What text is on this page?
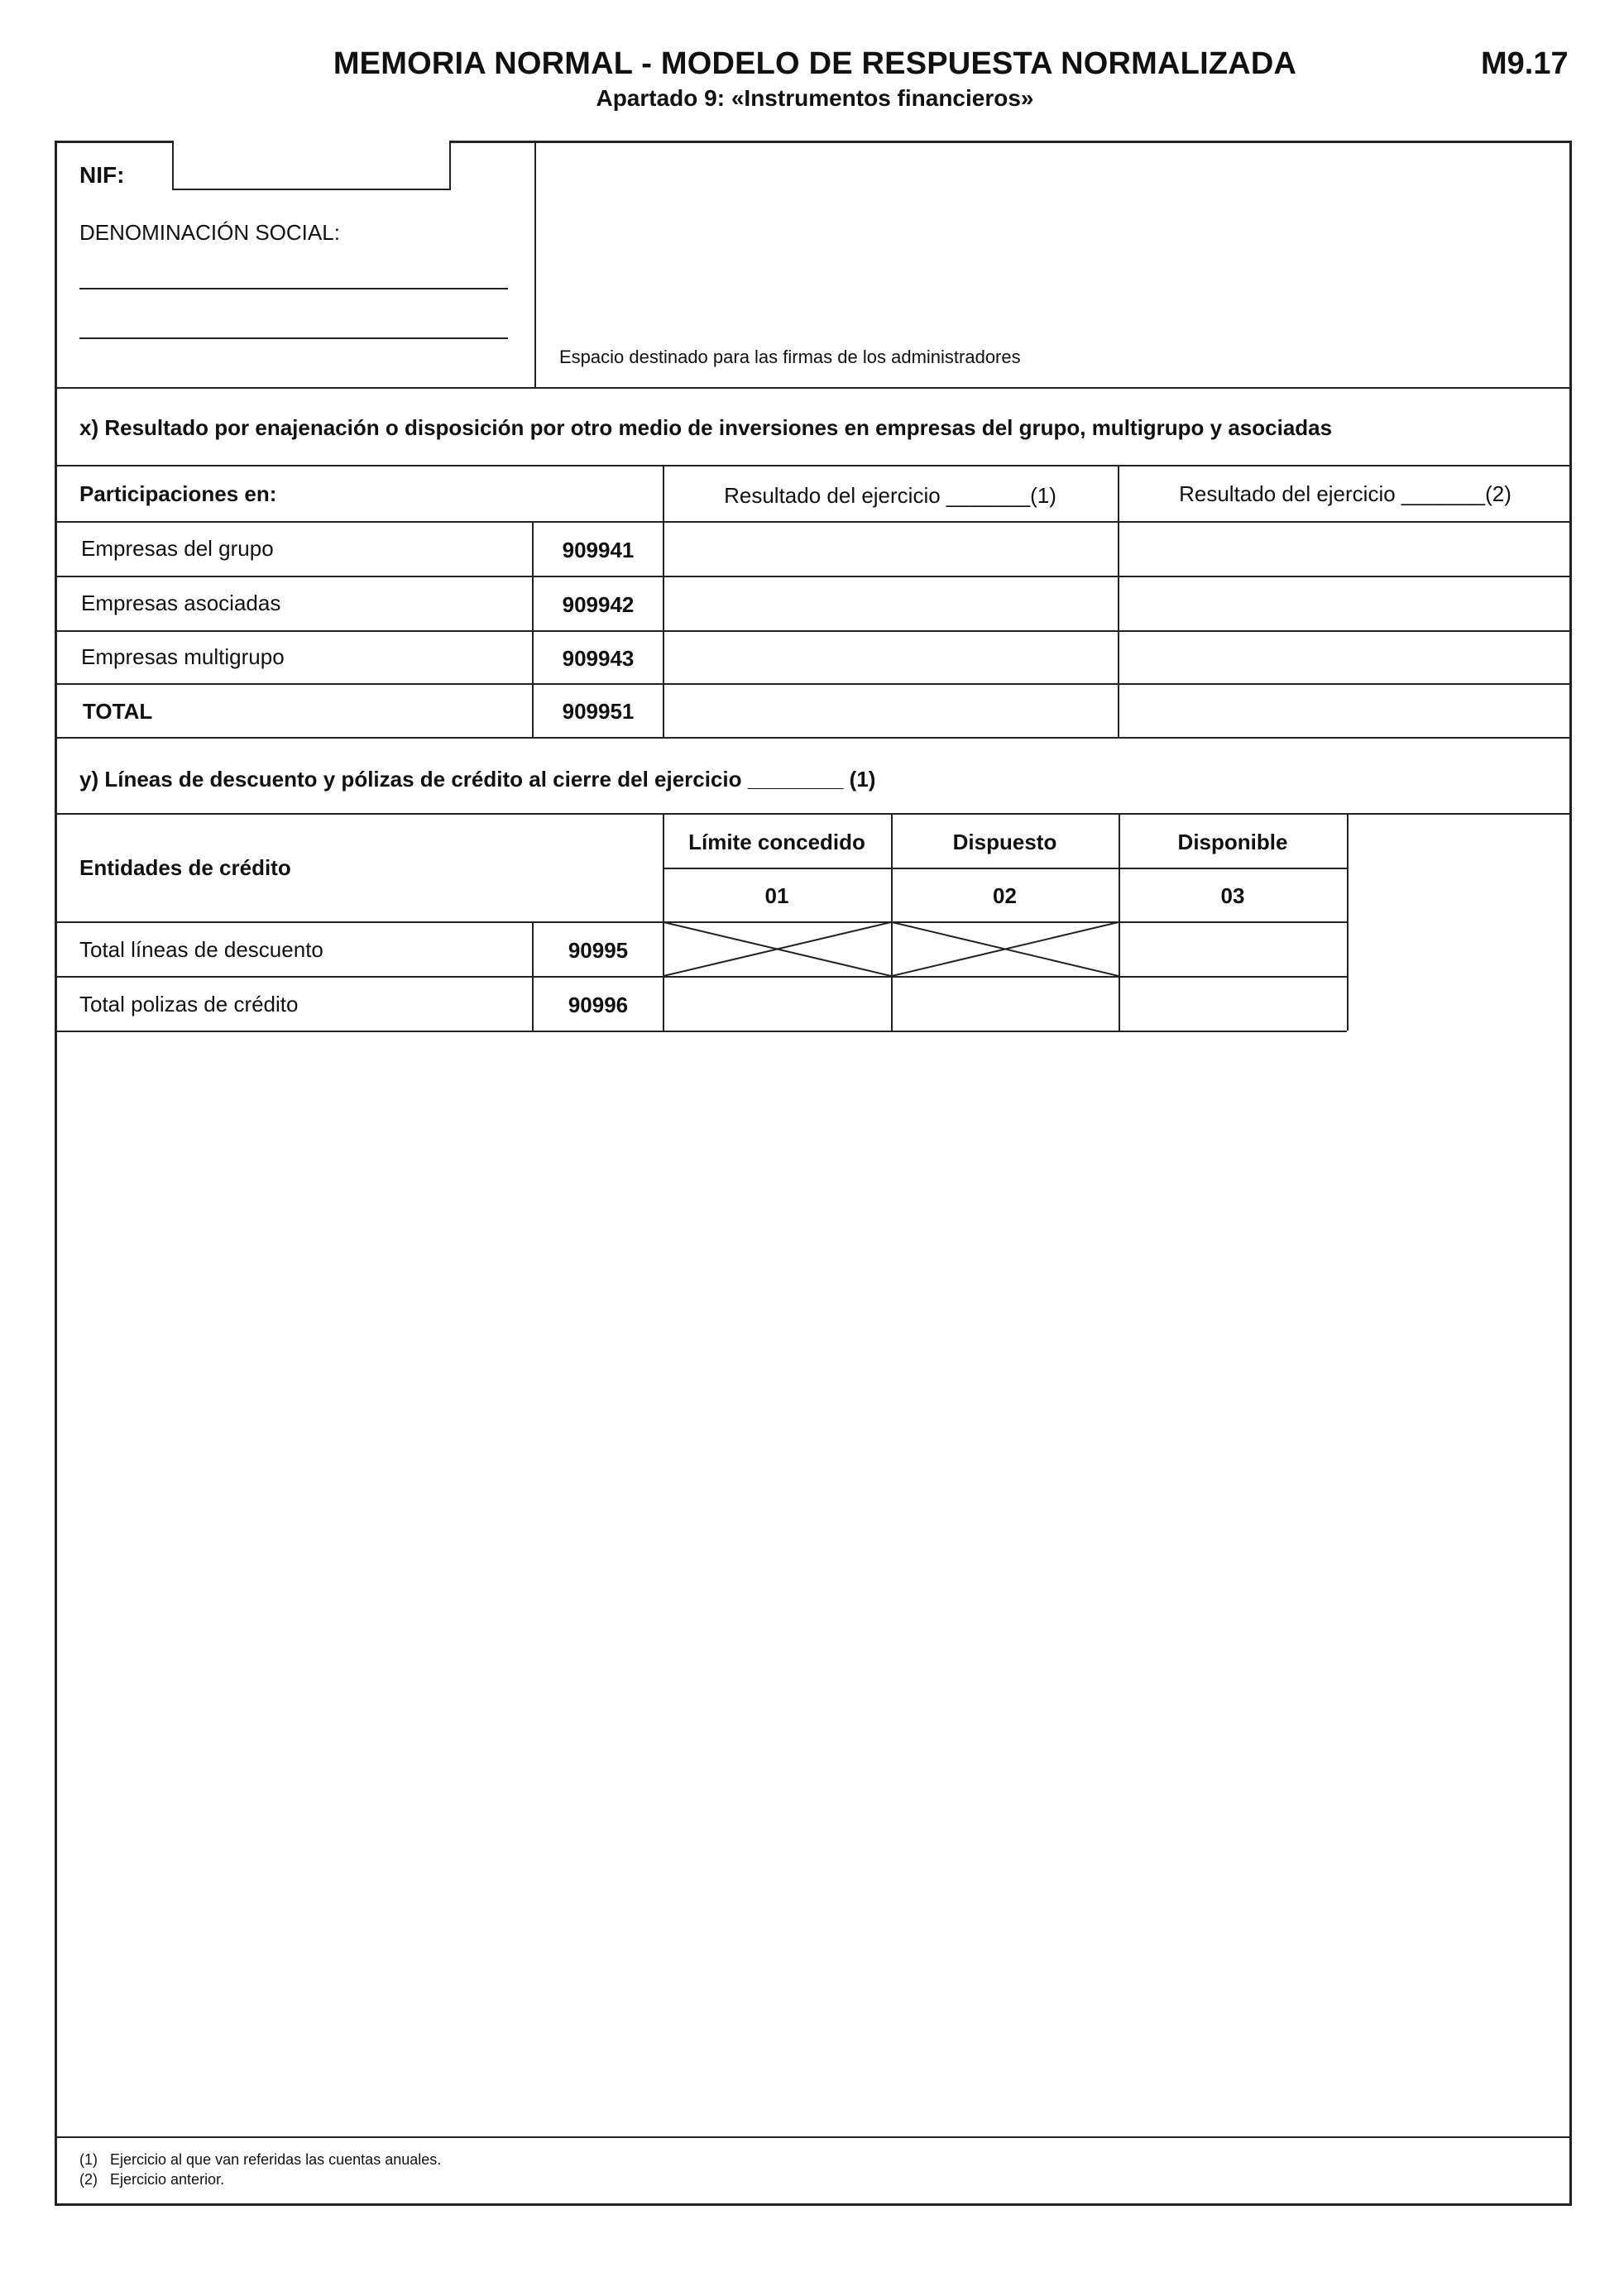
MEMORIA NORMAL - MODELO DE RESPUESTA NORMALIZADA	M9.17
Apartado 9: «Instrumentos financieros»
NIF:
DENOMINACIÓN SOCIAL:
Espacio destinado para las firmas de los administradores
x) Resultado por enajenación o disposición por otro medio de inversiones en empresas del grupo, multigrupo y asociadas
Participaciones en:	Resultado del ejercicio _______(1)	Resultado del ejercicio _______(2)
Empresas del grupo	909941
Empresas asociadas	909942
Empresas multigrupo	909943
TOTAL	909951
y) Líneas de descuento y pólizas de crédito al cierre del ejercicio ________ (1)
Entidades de crédito
Límite concedido	Dispuesto	Disponible
01	02	03
Total líneas de descuento	90995
Total polizas de crédito	90996
(1) Ejercicio al que van referidas las cuentas anuales.
(2) Ejercicio anterior.
